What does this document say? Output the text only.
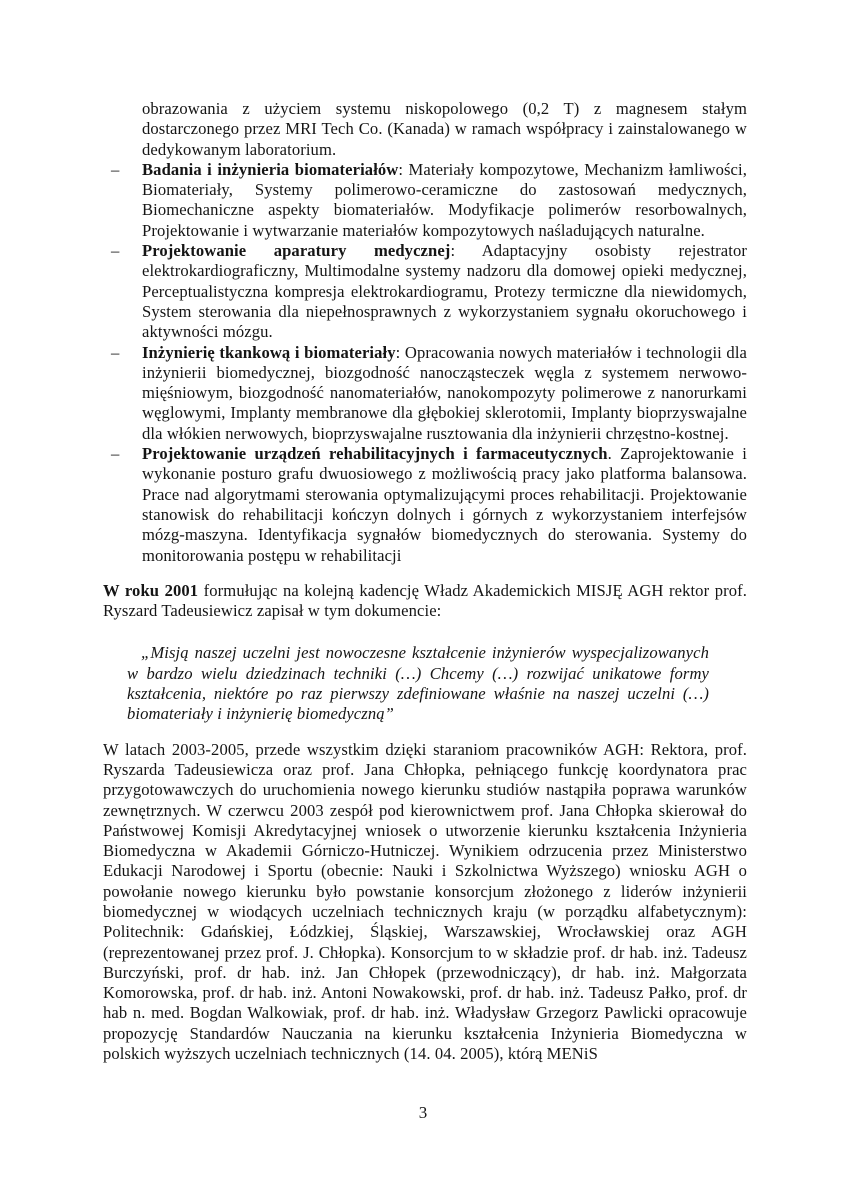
obrazowania z użyciem systemu niskopolowego (0,2 T) z magnesem stałym dostarczonego przez MRI Tech Co. (Kanada) w ramach współpracy i zainstalowanego w dedykowanym laboratorium.

– Badania i inżynieria biomateriałów: Materiały kompozytowe, Mechanizm łamliwości, Biomateriały, Systemy polimerowo-ceramiczne do zastosowań medycznych, Biomechaniczne aspekty biomateriałów. Modyfikacje polimerów resorbowalnych, Projektowanie i wytwarzanie materiałów kompozytowych naśladujących naturalne.
– Projektowanie aparatury medycznej: Adaptacyjny osobisty rejestrator elektrokardiograficzny, Multimodalne systemy nadzoru dla domowej opieki medycznej, Perceptualistyczna kompresja elektrokardiogramu, Protezy termiczne dla niewidomych, System sterowania dla niepełnosprawnych z wykorzystaniem sygnału okoruchowego i aktywności mózgu.
– Inżynierię tkankową i biomateriały: Opracowania nowych materiałów i technologii dla inżynierii biomedycznej, biozgodność nanocząsteczek węgla z systemem nerwowo-mięśniowym, biozgodność nanomateriałów, nanokompozyty polimerowe z nanorurkami węglowymi, Implanty membranowe dla głębokiej sklerotomii, Implanty bioprzyswajalne dla włókien nerwowych, bioprzyswajalne rusztowania dla inżynierii chrzęstno-kostnej.
– Projektowanie urządzeń rehabilitacyjnych i farmaceutycznych. Zaprojektowanie i wykonanie posturo grafu dwuosiowego z możliwością pracy jako platforma balansowa. Prace nad algorytmami sterowania optymalizującymi proces rehabilitacji. Projektowanie stanowisk do rehabilitacji kończyn dolnych i górnych z wykorzystaniem interfejsów mózg-maszyna. Identyfikacja sygnałów biomedycznych do sterowania. Systemy do monitorowania postępu w rehabilitacji

W roku 2001 formułując na kolejną kadencję Władz Akademickich MISJĘ AGH rektor prof. Ryszard Tadeusiewicz zapisał w tym dokumencie:

„Misją naszej uczelni jest nowoczesne kształcenie inżynierów wyspecjalizowanych w bardzo wielu dziedzinach techniki (…) Chcemy (…) rozwijać unikatowe formy kształcenia, niektóre po raz pierwszy zdefiniowane właśnie na naszej uczelni (…) biomateriały i inżynierię biomedyczną”

W latach 2003-2005, przede wszystkim dzięki staraniom pracowników AGH: Rektora, prof. Ryszarda Tadeusiewicza oraz prof. Jana Chłopka, pełniącego funkcję koordynatora prac przygotowawczych do uruchomienia nowego kierunku studiów nastąpiła poprawa warunków zewnętrznych. W czerwcu 2003 zespół pod kierownictwem prof. Jana Chłopka skierował do Państwowej Komisji Akredytacyjnej wniosek o utworzenie kierunku kształcenia Inżynieria Biomedyczna w Akademii Górniczo-Hutniczej. Wynikiem odrzucenia przez Ministerstwo Edukacji Narodowej i Sportu (obecnie: Nauki i Szkolnictwa Wyższego) wniosku AGH o powołanie nowego kierunku było powstanie konsorcjum złożonego z liderów inżynierii biomedycznej w wiodących uczelniach technicznych kraju (w porządku alfabetycznym): Politechnik: Gdańskiej, Łódzkiej, Śląskiej, Warszawskiej, Wrocławskiej oraz AGH (reprezentowanej przez prof. J. Chłopka). Konsorcjum to w składzie prof. dr hab. inż. Tadeusz Burczyński, prof. dr hab. inż. Jan Chłopek (przewodniczący), dr hab. inż. Małgorzata Komorowska, prof. dr hab. inż. Antoni Nowakowski, prof. dr hab. inż. Tadeusz Pałko, prof. dr hab n. med. Bogdan Walkowiak, prof. dr hab. inż. Władysław Grzegorz Pawlicki opracowuje propozycję Standardów Nauczania na kierunku kształcenia Inżynieria Biomedyczna w polskich wyższych uczelniach technicznych (14. 04. 2005), którą MENiS

3
